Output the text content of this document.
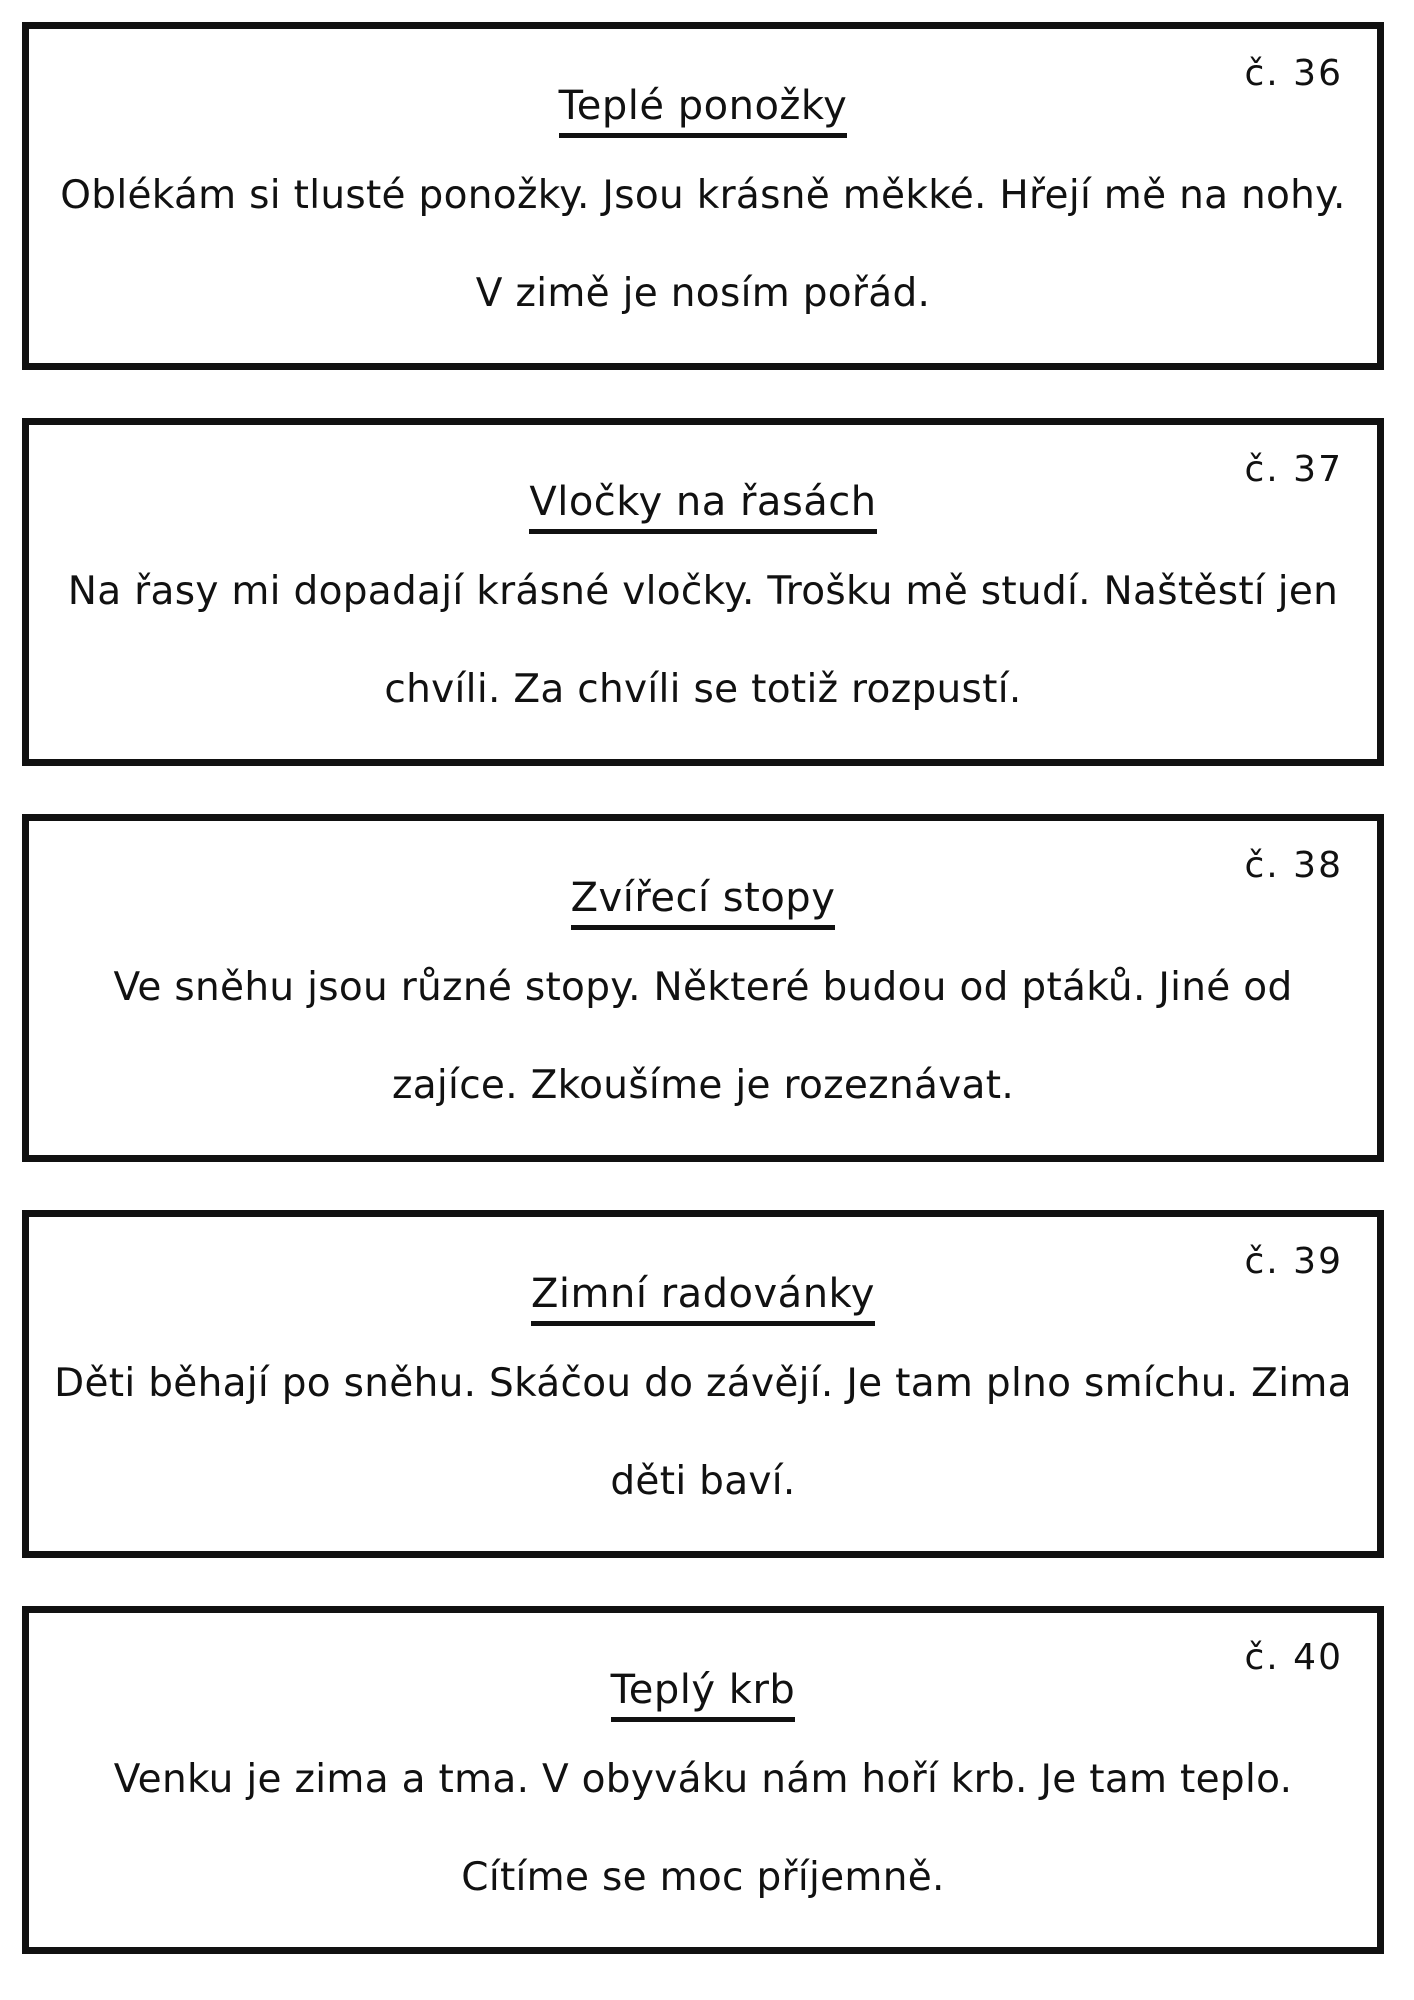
č. 36
Teplé ponožky
Oblékám si tlusté ponožky. Jsou krásně měkké. Hřejí mě na nohy. V zimě je nosím pořád.
č. 37
Vločky na řasách
Na řasy mi dopadají krásné vločky. Trošku mě studí. Naštěstí jen chvíli. Za chvíli se totiž rozpustí.
č. 38
Zvířecí stopy
Ve sněhu jsou různé stopy. Některé budou od ptáků. Jiné od zajíce. Zkoušíme je rozeznávat.
č. 39
Zimní radovánky
Děti běhají po sněhu. Skáčou do závějí. Je tam plno smíchu. Zima děti baví.
č. 40
Teplý krb
Venku je zima a tma. V obyváku nám hoří krb. Je tam teplo. Cítíme se moc příjemně.
